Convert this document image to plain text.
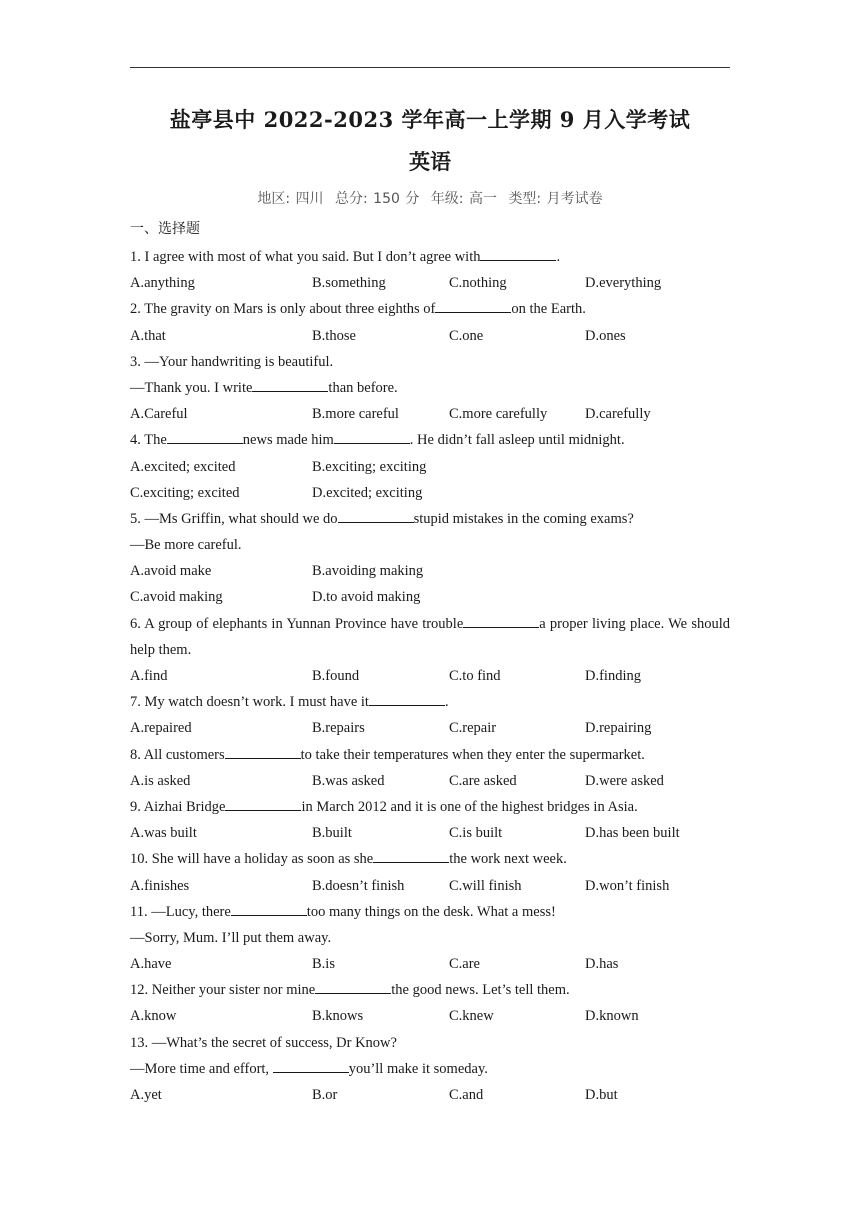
盐亭县中 2022-2023 学年高一上学期 9 月入学考试
英语
地区: 四川 总分: 150 分 年级: 高一 类型: 月考试卷
一、选择题
1. I agree with most of what you said. But I don’t agree with	.
A.anything	B.something	C.nothing	D.everything
2. The gravity on Mars is only about three eighths of	on the Earth.
A.that	B.those	C.one	D.ones
3. —Your handwriting is beautiful.
—Thank you. I write	than before.
A.Careful	B.more careful	C.more carefully	D.carefully
4. The	news made him	. He didn’t fall asleep until midnight.
A.excited; excited	B.exciting; exciting
C.exciting; excited	D.excited; exciting
5. —Ms Griffin, what should we do	stupid mistakes in the coming exams?
—Be more careful.
A.avoid make	B.avoiding making
C.avoid making	D.to avoid making
6. A group of elephants in Yunnan Province have trouble	a proper living place. We should help them.
A.find	B.found	C.to find	D.finding
7. My watch doesn’t work. I must have it	.
A.repaired	B.repairs	C.repair	D.repairing
8. All customers	to take their temperatures when they enter the supermarket.
A.is asked	B.was asked	C.are asked	D.were asked
9. Aizhai Bridge	in March 2012 and it is one of the highest bridges in Asia.
A.was built	B.built	C.is built	D.has been built
10. She will have a holiday as soon as she	the work next week.
A.finishes	B.doesn’t finish	C.will finish	D.won’t finish
11. —Lucy, there	too many things on the desk. What a mess!
—Sorry, Mum. I’ll put them away.
A.have	B.is	C.are	D.has
12. Neither your sister nor mine	the good news. Let’s tell them.
A.know	B.knows	C.knew	D.known
13. —What’s the secret of success, Dr Know?
—More time and effort,	you’ll make it someday.
A.yet	B.or	C.and	D.but
